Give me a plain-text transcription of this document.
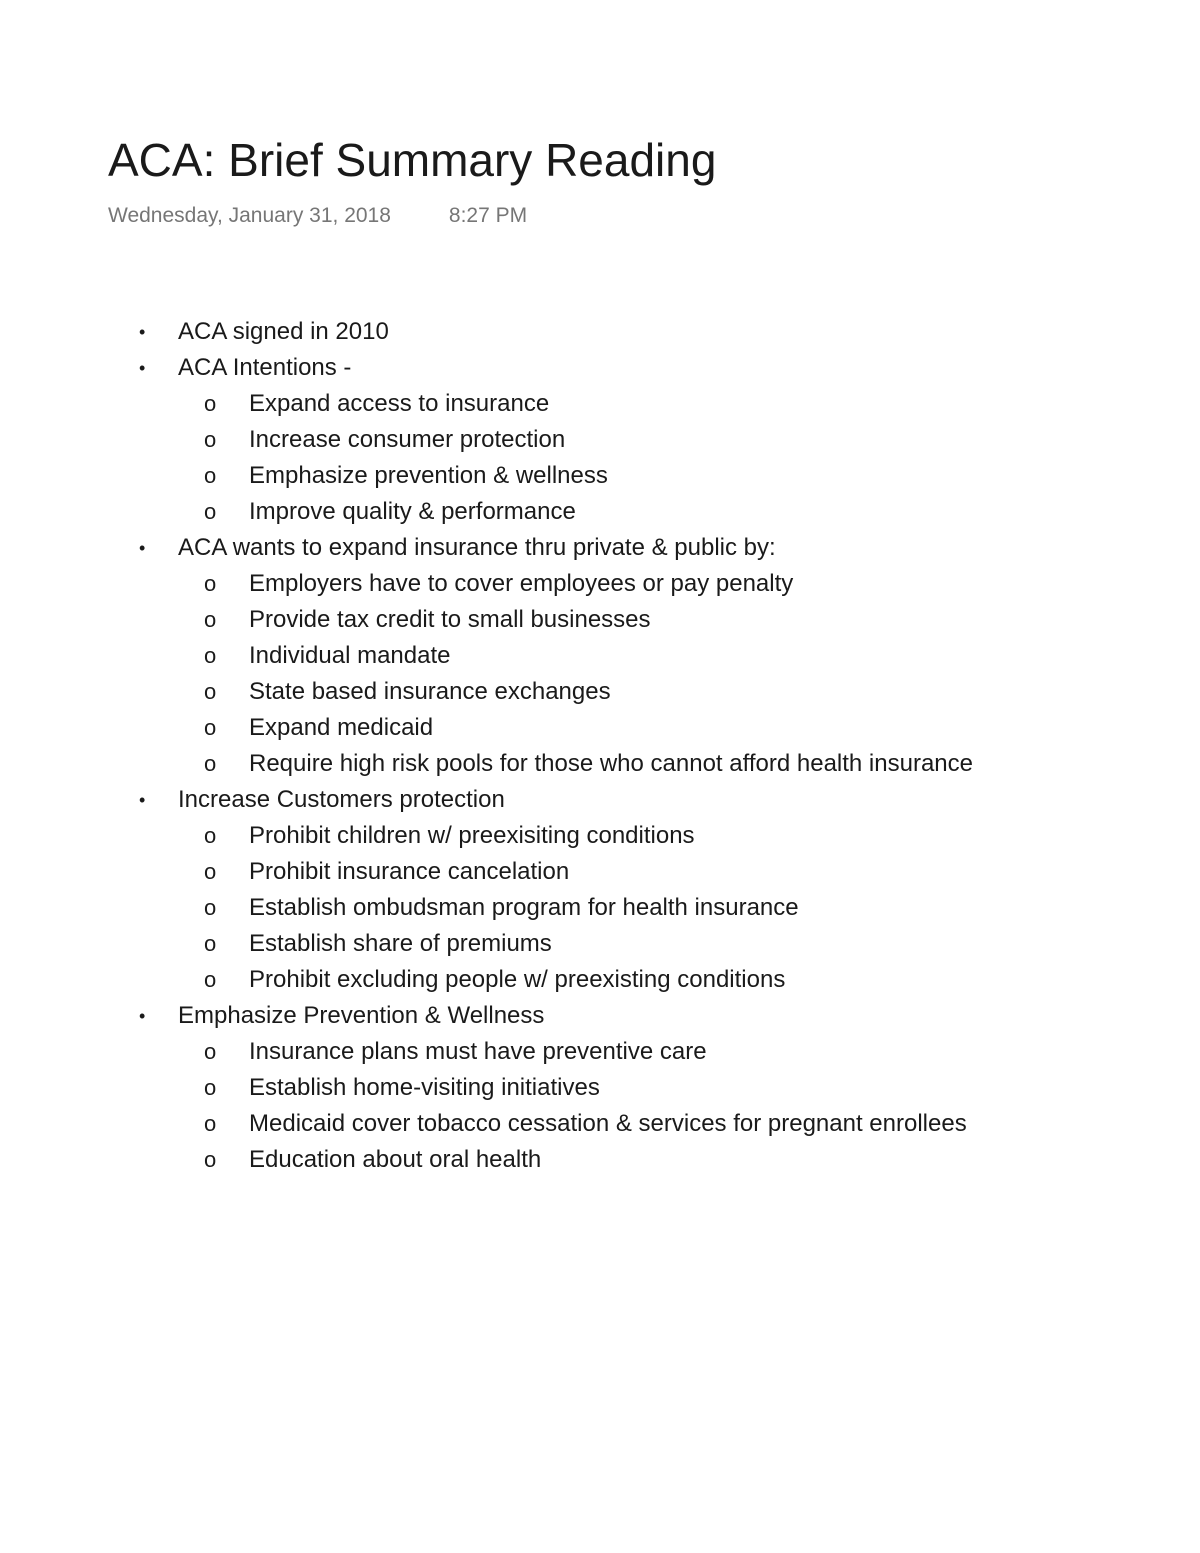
ACA: Brief Summary Reading
Wednesday, January 31, 2018	8:27 PM
• ACA signed in 2010
• ACA Intentions -
o Expand access to insurance
o Increase consumer protection
o Emphasize prevention & wellness
o Improve quality & performance
• ACA wants to expand insurance thru private & public by:
o Employers have to cover employees or pay penalty
o Provide tax credit to small businesses
o Individual mandate
o State based insurance exchanges
o Expand medicaid
o Require high risk pools for those who cannot afford health insurance
• Increase Customers protection
o Prohibit children w/ preexisiting conditions
o Prohibit insurance cancelation
o Establish ombudsman program for health insurance
o Establish share of premiums
o Prohibit excluding people w/ preexisting conditions
• Emphasize Prevention & Wellness
o Insurance plans must have preventive care
o Establish home-visiting initiatives
o Medicaid cover tobacco cessation & services for pregnant enrollees
o Education about oral health
